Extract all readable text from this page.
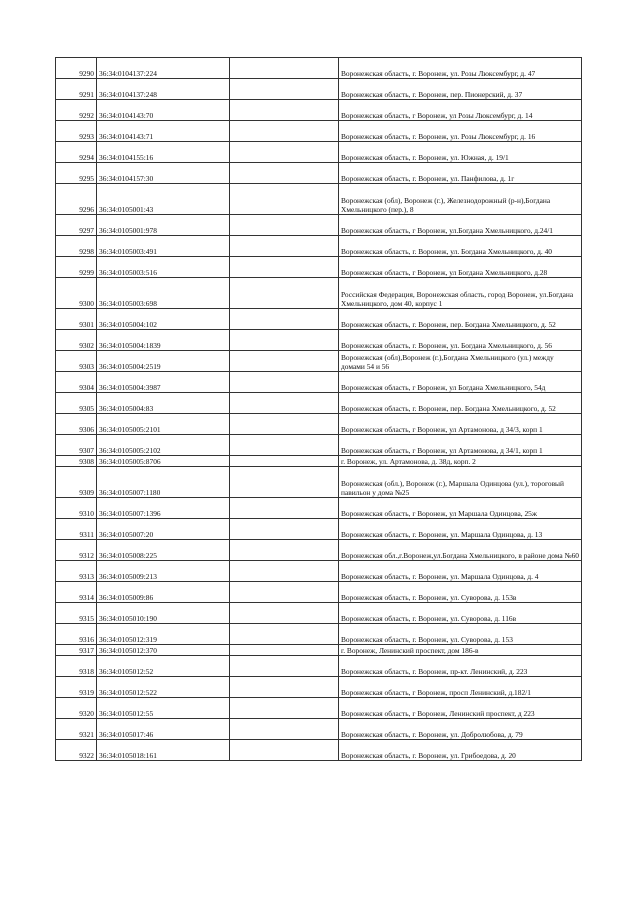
9290	36:34:0104137:224		Воронежская область, г. Воронеж, ул. Розы Люксембург, д. 47
9291	36:34:0104137:248		Воронежская область, г. Воронеж, пер. Пионерский, д. 37
9292	36:34:0104143:70		Воронежская область, г Воронеж, ул Розы Люксембург, д. 14
9293	36:34:0104143:71		Воронежская область, г. Воронеж, ул. Розы Люксембург, д. 16
9294	36:34:0104155:16		Воронежская область, г. Воронеж, ул. Южная, д. 19/1
9295	36:34:0104157:30		Воронежская область, г. Воронеж, ул. Панфилова, д. 1г
9296	36:34:0105001:43		Воронежская (обл), Воронеж (г.), Железнодорожный (р-н),Богдана Хмельницкого (пер.), 8
9297	36:34:0105001:978		Воронежская область, г Воронеж, ул.Богдана Хмельницкого, д.24/1
9298	36:34:0105003:491		Воронежская область, г. Воронеж, ул. Богдана Хмельницкого, д. 40
9299	36:34:0105003:516		Воронежская область, г Воронеж, ул Богдана Хмельницкого, д.28
9300	36:34:0105003:698		Российская Федерация, Воронежская область, город Воронеж, ул.Богдана Хмельницкого, дом 40, корпус 1
9301	36:34:0105004:102		Воронежская область, г. Воронеж, пер. Богдана Хмельницкого, д. 52
9302	36:34:0105004:1839		Воронежская область, г. Воронеж, ул. Богдана Хмельницкого, д. 56
9303	36:34:0105004:2519		Воронежская (обл),Воронеж (г.),Богдана Хмельницкого (ул.) между домами 54 и 56
9304	36:34:0105004:3987		Воронежская область, г Воронеж, ул Богдана Хмельницкого, 54д
9305	36:34:0105004:83		Воронежская область, г. Воронеж, пер. Богдана Хмельницкого, д. 52
9306	36:34:0105005:2101		Воронежская область, г Воронеж, ул Артамонова, д 34/3, корп 1
9307	36:34:0105005:2102		Воронежская область, г Воронеж, ул Артамонова, д 34/1, корп 1
9308	36:34:0105005:8706		г. Воронеж, ул. Артамонова, д. 38д, корп. 2
9309	36:34:0105007:1180		Воронежская (обл.), Воронеж (г.), Маршала Одинцова (ул.), тороговый павильон у дома №25
9310	36:34:0105007:1396		Воронежская область, г Воронеж, ул Маршала Одинцова, 25ж
9311	36:34:0105007:20		Воронежская область, г. Воронеж, ул. Маршала Одинцова, д. 13
9312	36:34:0105008:225		Воронежская обл.,г.Воронеж,ул.Богдана Хмельницкого, в районе дома №60
9313	36:34:0105009:213		Воронежская область, г. Воронеж, ул. Маршала Одинцова, д. 4
9314	36:34:0105009:86		Воронежская область, г. Воронеж, ул. Суворова, д. 153в
9315	36:34:0105010:190		Воронежская область, г. Воронеж, ул. Суворова, д. 116в
9316	36:34:0105012:319		Воронежская область, г. Воронеж, ул. Суворова, д. 153
9317	36:34:0105012:370		г. Воронеж, Ленинский проспект, дом 186-в
9318	36:34:0105012:52		Воронежская область, г. Воронеж, пр-кт. Ленинский, д. 223
9319	36:34:0105012:522		Воронежская область, г Воронеж, просп Ленинский, д.182/1
9320	36:34:0105012:55		Воронежская область, г Воронеж, Ленинский проспект, д 223
9321	36:34:0105017:46		Воронежская область, г. Воронеж, ул. Добролюбова, д. 79
9322	36:34:0105018:161		Воронежская область, г. Воронеж, ул. Грибоедова, д. 20
